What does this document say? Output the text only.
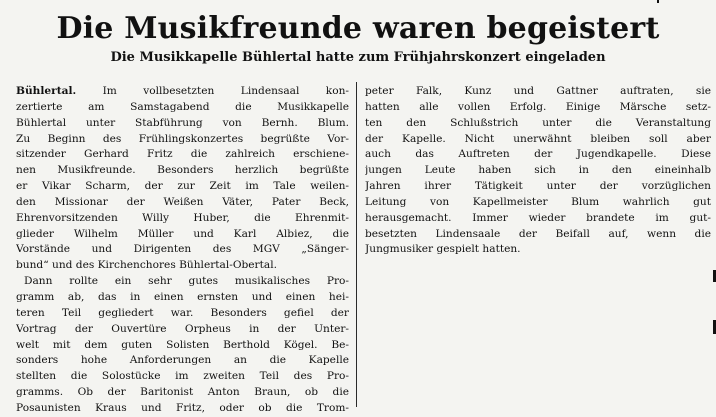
Die Musikfreunde waren begeistert
Die Musikkapelle Bühlertal hatte zum Frühjahrskonzert eingeladen
Bühlertal. Im vollbesetzten Lindensaal kon-
zertierte am Samstagabend die Musikkapelle
Bühlertal unter Stabführung von Bernh. Blum.
Zu Beginn des Frühlingskonzertes begrüßte Vor-
sitzender Gerhard Fritz die zahlreich erschiene-
nen Musikfreunde. Besonders herzlich begrüßte
er Vikar Scharm, der zur Zeit im Tale weilen-
den Missionar der Weißen Väter, Pater Beck,
Ehrenvorsitzenden Willy Huber, die Ehrenmit-
glieder Wilhelm Müller und Karl Albiez, die
Vorstände und Dirigenten des MGV „Sänger-
bund“ und des Kirchenchores Bühlertal-Obertal.
Dann rollte ein sehr gutes musikalisches Pro-
gramm ab, das in einen ernsten und einen hei-
teren Teil gegliedert war. Besonders gefiel der
Vortrag der Ouvertüre Orpheus in der Unter-
welt mit dem guten Solisten Berthold Kögel. Be-
sonders hohe Anforderungen an die Kapelle
stellten die Solostücke im zweiten Teil des Pro-
gramms. Ob der Baritonist Anton Braun, ob die
Posaunisten Kraus und Fritz, oder ob die Trom-
peter Falk, Kunz und Gattner auftraten, sie
hatten alle vollen Erfolg. Einige Märsche setz-
ten den Schlußstrich unter die Veranstaltung
der Kapelle. Nicht unerwähnt bleiben soll aber
auch das Auftreten der Jugendkapelle. Diese
jungen Leute haben sich in den eineinhalb
Jahren ihrer Tätigkeit unter der vorzüglichen
Leitung von Kapellmeister Blum wahrlich gut
herausgemacht. Immer wieder brandete im gut-
besetzten Lindensaale der Beifall auf, wenn die
Jungmusiker gespielt hatten.
